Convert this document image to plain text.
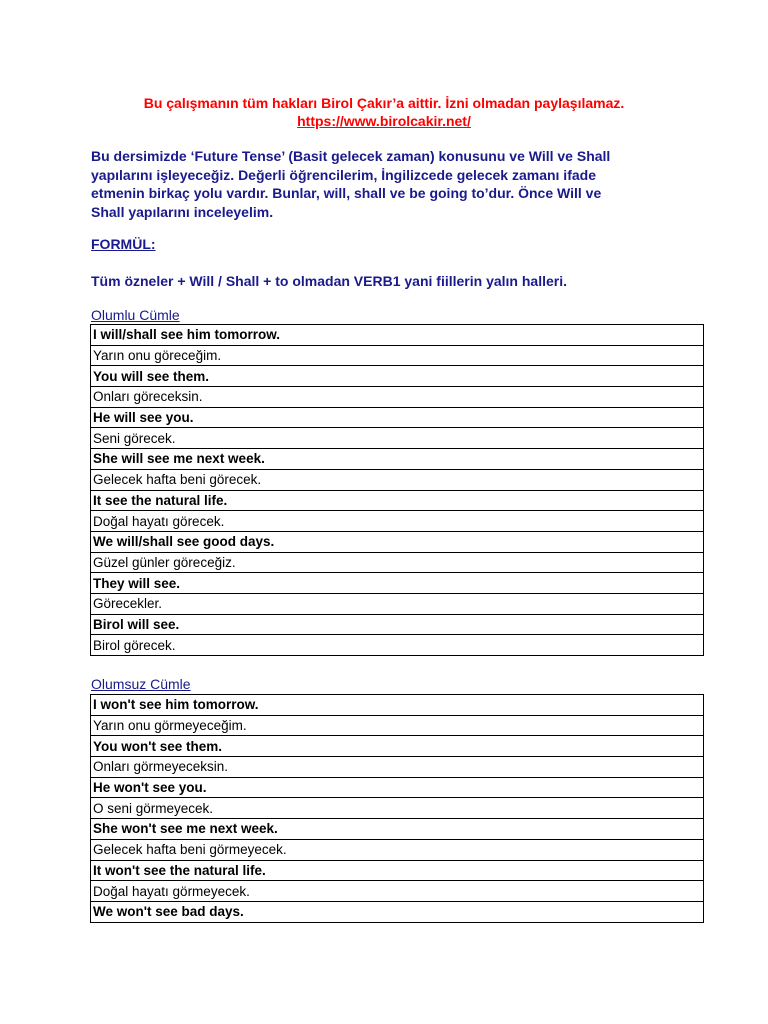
Bu çalışmanın tüm hakları Birol Çakır’a aittir. İzni olmadan paylaşılamaz.
https://www.birolcakir.net/
Bu dersimizde ‘Future Tense’ (Basit gelecek zaman) konusunu ve Will ve Shall
yapılarını işleyeceğiz. Değerli öğrencilerim, İngilizcede gelecek zamanı ifade
etmenin birkaç yolu vardır. Bunlar, will, shall ve be going to’dur. Önce Will ve
Shall yapılarını inceleyelim.
FORMÜL:
Tüm özneler + Will / Shall + to olmadan VERB1 yani fiillerin yalın halleri.
Olumlu Cümle
I will/shall see him tomorrow.
Yarın onu göreceğim.
You will see them.
Onları göreceksin.
He will see you.
Seni görecek.
She will see me next week.
Gelecek hafta beni görecek.
It see the natural life.
Doğal hayatı görecek.
We will/shall see good days.
Güzel günler göreceğiz.
They will see.
Görecekler.
Birol will see.
Birol görecek.
Olumsuz Cümle
I won't see him tomorrow.
Yarın onu görmeyeceğim.
You won't see them.
Onları görmeyeceksin.
He won't see you.
O seni görmeyecek.
She won't see me next week.
Gelecek hafta beni görmeyecek.
It won't see the natural life.
Doğal hayatı görmeyecek.
We won't see bad days.
